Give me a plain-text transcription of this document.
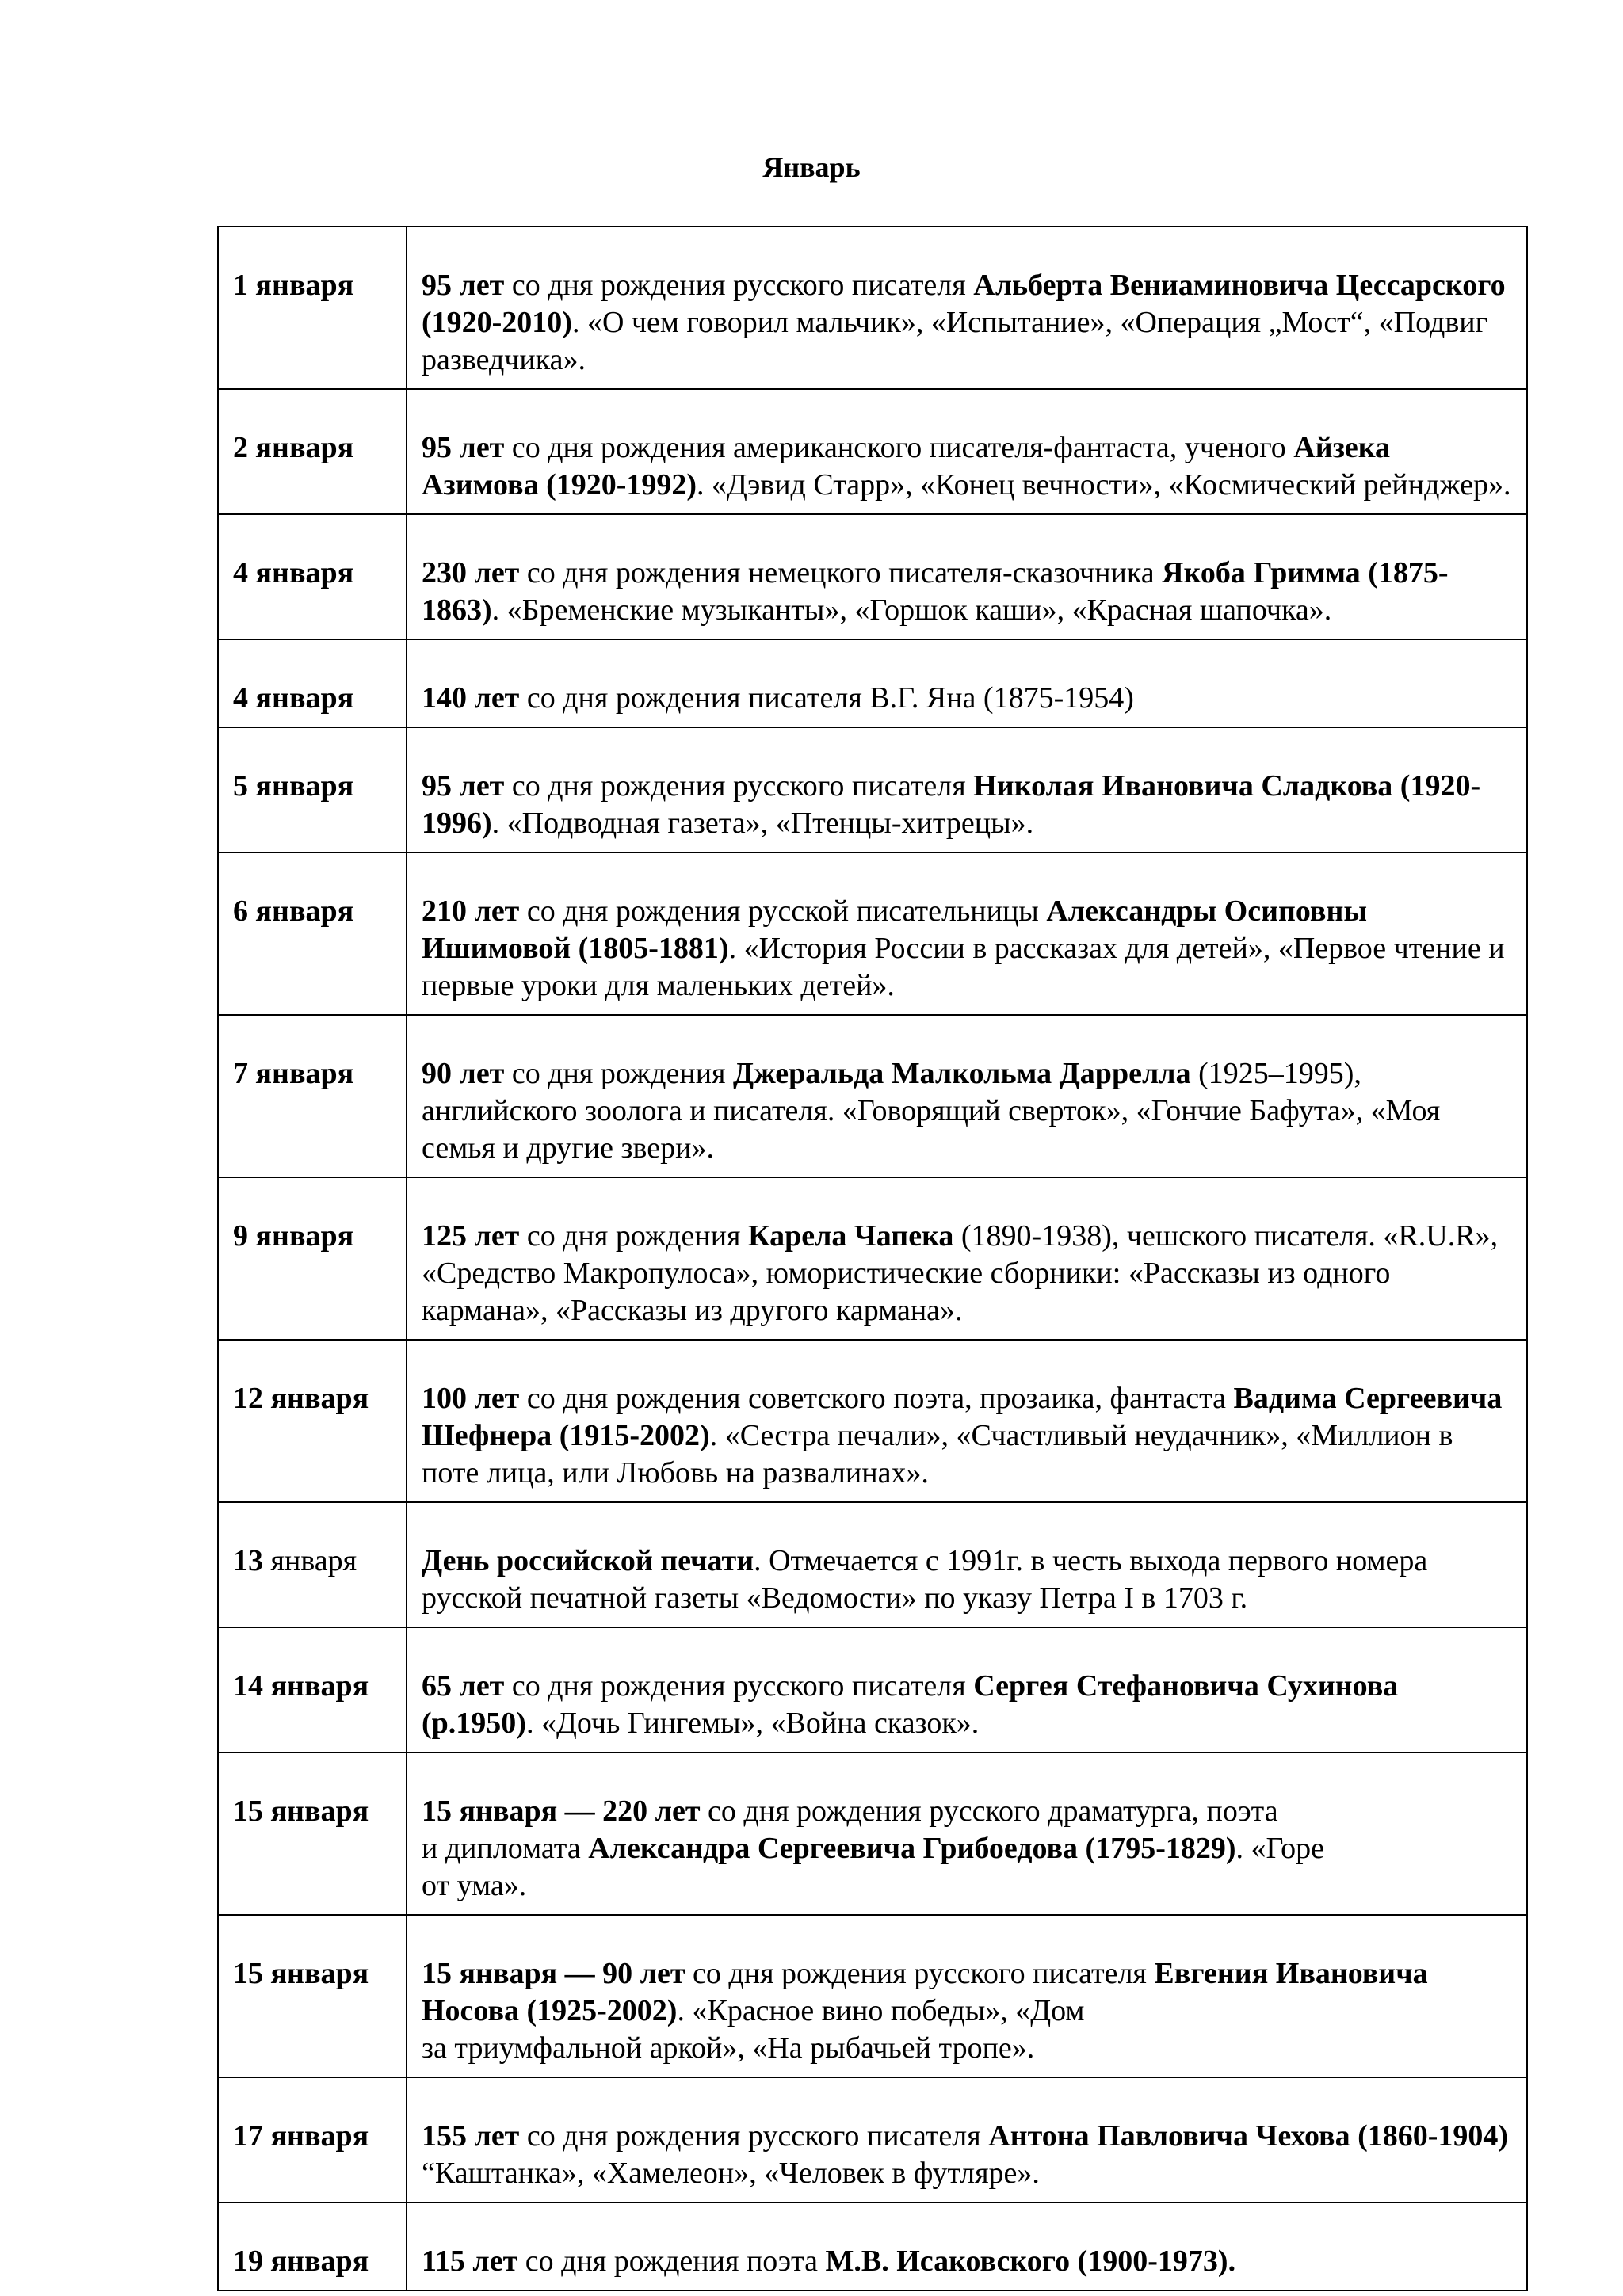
Январь
1 января	95 лет со дня рождения русского писателя Альберта Вениаминовича Цессарского (1920-2010). «О чем говорил мальчик», «Испытание», «Операция „Мост“, «Подвиг разведчика».
2 января	95 лет со дня рождения американского писателя-фантаста, ученого Айзека Азимова (1920-1992). «Дэвид Старр», «Конец вечности», «Космический рейнджер».
4 января	230 лет со дня рождения немецкого писателя-сказочника Якоба Гримма (1875-1863). «Бременские музыканты», «Горшок каши», «Красная шапочка».
4 января	140 лет со дня рождения писателя В.Г. Яна (1875-1954)
5 января	95 лет со дня рождения русского писателя Николая Ивановича Сладкова (1920-1996). «Подводная газета», «Птенцы-хитрецы».
6 января	210 лет со дня рождения русской писательницы Александры Осиповны Ишимовой (1805-1881). «История России в рассказах для детей», «Первое чтение и первые уроки для маленьких детей».
7 января	90 лет со дня рождения Джеральда Малкольма Даррелла (1925–1995), английского зоолога и писателя. «Говорящий сверток», «Гончие Бафута», «Моя семья и другие звери».
9 января	125 лет со дня рождения Карела Чапека (1890-1938), чешского писателя. «R.U.R», «Средство Макропулоса», юмористические сборники: «Рассказы из одного кармана», «Рассказы из другого кармана».
12 января	100 лет со дня рождения советского поэта, прозаика, фантаста Вадима Сергеевича Шефнера (1915-2002). «Сестра печали», «Счастливый неудачник», «Миллион в поте лица, или Любовь на развалинах».
13 января	День российской печати. Отмечается с 1991г. в честь выхода первого номера русской печатной газеты «Ведомости» по указу Петра I в 1703 г.
14 января	65 лет со дня рождения русского писателя Сергея Стефановича Сухинова (р.1950). «Дочь Гингемы», «Война сказок».
15 января	15 января — 220 лет со дня рождения русского драматурга, поэта
и дипломата Александра Сергеевича Грибоедова (1795-1829). «Горе
от ума».
15 января	15 января — 90 лет со дня рождения русского писателя Евгения Ивановича Носова (1925-2002). «Красное вино победы», «Дом
за триумфальной аркой», «На рыбачьей тропе».
17 января	155 лет со дня рождения русского писателя Антона Павловича Чехова (1860-1904) “Каштанка», «Хамелеон», «Человек в футляре».
19 января	115 лет со дня рождения поэта М.В. Исаковского (1900-1973).
